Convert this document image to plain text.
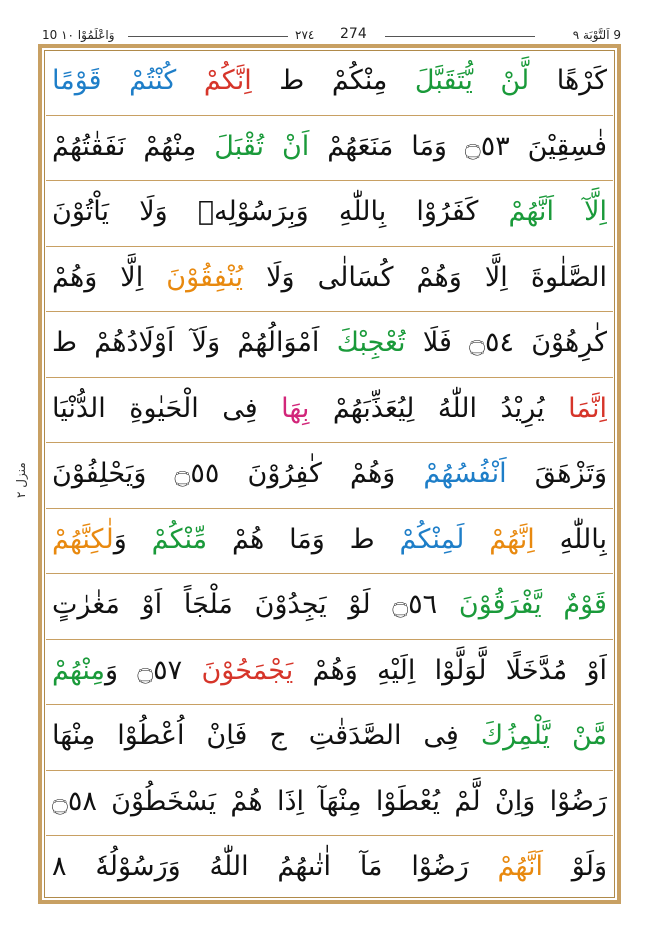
10 وَاعْلَمُوْا ١٠	٢٧٤ 274	9 اَلتَّوْبَة ٩
منزل ٢
كَرْهًا لَّنْ يُّتَقَبَّلَ مِنْكُمْ ط اِنَّكُمْ كُنْتُمْ قَوْمًا
فٰسِقِيْنَ ۝٥٣ وَمَا مَنَعَهُمْ اَنْ تُقْبَلَ مِنْهُمْ نَفَقٰتُهُمْ
اِلَّآ اَنَّهُمْ كَفَرُوْا بِاللّٰهِ وَبِرَسُوْلِهٖ وَلَا يَاْتُوْنَ
الصَّلٰوةَ اِلَّا وَهُمْ كُسَالٰى وَلَا يُنْفِقُوْنَ اِلَّا وَهُمْ
كٰرِهُوْنَ ۝٥٤ فَلَا تُعْجِبْكَ اَمْوَالُهُمْ وَلَآ اَوْلَادُهُمْ ط
اِنَّمَا يُرِيْدُ اللّٰهُ لِيُعَذِّبَهُمْ بِهَا فِى الْحَيٰوةِ الدُّنْيَا
وَتَزْهَقَ اَنْفُسُهُمْ وَهُمْ كٰفِرُوْنَ ۝٥٥ وَيَحْلِفُوْنَ
بِاللّٰهِ اِنَّهُمْ لَمِنْكُمْ ط وَمَا هُمْ مِّنْكُمْ وَلٰكِنَّهُمْ
قَوْمٌ يَّفْرَقُوْنَ ۝٥٦ لَوْ يَجِدُوْنَ مَلْجَاً اَوْ مَغٰرٰتٍ
اَوْ مُدَّخَلًا لَّوَلَّوْا اِلَيْهِ وَهُمْ يَجْمَحُوْنَ ۝٥٧ وَمِنْهُمْ
مَّنْ يَّلْمِزُكَ فِى الصَّدَقٰتِ ج فَاِنْ اُعْطُوْا مِنْهَا
رَضُوْا وَاِنْ لَّمْ يُعْطَوْا مِنْهَآ اِذَا هُمْ يَسْخَطُوْنَ ۝٥٨
وَلَوْ اَنَّهُمْ رَضُوْا مَآ اٰتٰىهُمُ اللّٰهُ وَرَسُوْلُهٗ ۸
